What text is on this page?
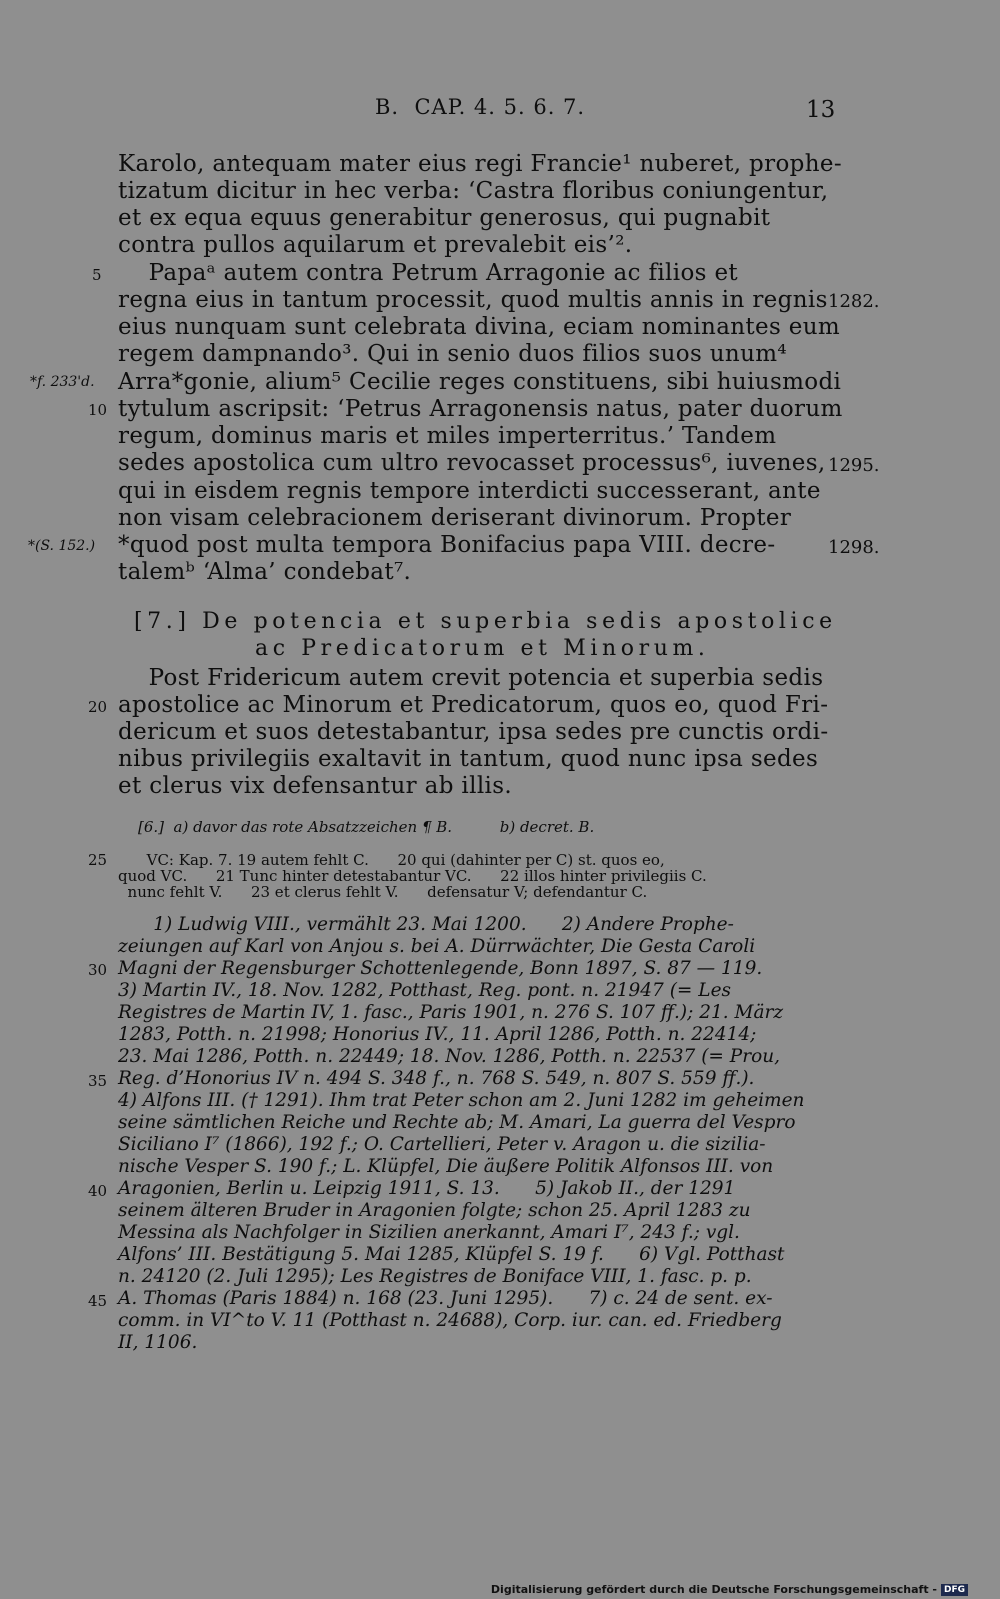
B.  CAP. 4. 5. 6. 7.	13
Karolo, antequam mater eius regi Francie¹ nuberet, prophe-
tizatum dicitur in hec verba: ‘Castra floribus coniungentur,
et ex equa equus generabitur generosus, qui pugnabit
contra pullos aquilarum et prevalebit eis’².
Papaᵃ autem contra Petrum Arragonie ac filios et
regna eius in tantum processit, quod multis annis in regnis
eius nunquam sunt celebrata divina, eciam nominantes eum
regem dampnando³. Qui in senio duos filios suos unum⁴
Arra*gonie, alium⁵ Cecilie reges constituens, sibi huiusmodi
tytulum ascripsit: ‘Petrus Arragonensis natus, pater duorum
regum, dominus maris et miles imperterritus.’ Tandem
sedes apostolica cum ultro revocasset processus⁶, iuvenes,
qui in eisdem regnis tempore interdicti successerant, ante
non visam celebracionem deriserant divinorum. Propter
*quod post multa tempora Bonifacius papa VIII. decre-
talemᵇ ‘Alma’ condebat⁷.
[7.] De potencia et superbia sedis apostolice
ac Predicatorum et Minorum.
Post Fridericum autem crevit potencia et superbia sedis
apostolice ac Minorum et Predicatorum, quos eo, quod Fri-
dericum et suos detestabantur, ipsa sedes pre cunctis ordi-
nibus privilegiis exaltavit in tantum, quod nunc ipsa sedes
et clerus vix defensantur ab illis.
[6.]  a) davor das rote Absatzzeichen ¶ B.          b) decret. B.
VC: Kap. 7. 19 autem fehlt C.      20 qui (dahinter per C) st. quos eo,
quod VC.      21 Tunc hinter detestabantur VC.      22 illos hinter privilegiis C.
nunc fehlt V.      23 et clerus fehlt V.      defensatur V; defendantur C.
1) Ludwig VIII., vermählt 23. Mai 1200.      2) Andere Prophe-
zeiungen auf Karl von Anjou s. bei A. Dürrwächter, Die Gesta Caroli
Magni der Regensburger Schottenlegende, Bonn 1897, S. 87 — 119.
3) Martin IV., 18. Nov. 1282, Potthast, Reg. pont. n. 21947 (= Les
Registres de Martin IV, 1. fasc., Paris 1901, n. 276 S. 107 ff.); 21. März
1283, Potth. n. 21998; Honorius IV., 11. April 1286, Potth. n. 22414;
23. Mai 1286, Potth. n. 22449; 18. Nov. 1286, Potth. n. 22537 (= Prou,
Reg. d’Honorius IV n. 494 S. 348 f., n. 768 S. 549, n. 807 S. 559 ff.).
4) Alfons III. († 1291). Ihm trat Peter schon am 2. Juni 1282 im geheimen
seine sämtlichen Reiche und Rechte ab; M. Amari, La guerra del Vespro
Siciliano I⁷ (1866), 192 f.; O. Cartellieri, Peter v. Aragon u. die sizilia-
nische Vesper S. 190 f.; L. Klüpfel, Die äußere Politik Alfonsos III. von
Aragonien, Berlin u. Leipzig 1911, S. 13.      5) Jakob II., der 1291
seinem älteren Bruder in Aragonien folgte; schon 25. April 1283 zu
Messina als Nachfolger in Sizilien anerkannt, Amari I⁷, 243 f.; vgl.
Alfons’ III. Bestätigung 5. Mai 1285, Klüpfel S. 19 f.      6) Vgl. Potthast
n. 24120 (2. Juli 1295); Les Registres de Boniface VIII, 1. fasc. p. p.
A. Thomas (Paris 1884) n. 168 (23. Juni 1295).      7) c. 24 de sent. ex-
comm. in VI^to V. 11 (Potthast n. 24688), Corp. iur. can. ed. Friedberg
II, 1106.
5
10
20
25
30
35
40
45
*f. 233'd.
*(S. 152.)
1282.
1295.
1298.
Digitalisierung gefördert durch die Deutsche Forschungsgemeinschaft - DFG
